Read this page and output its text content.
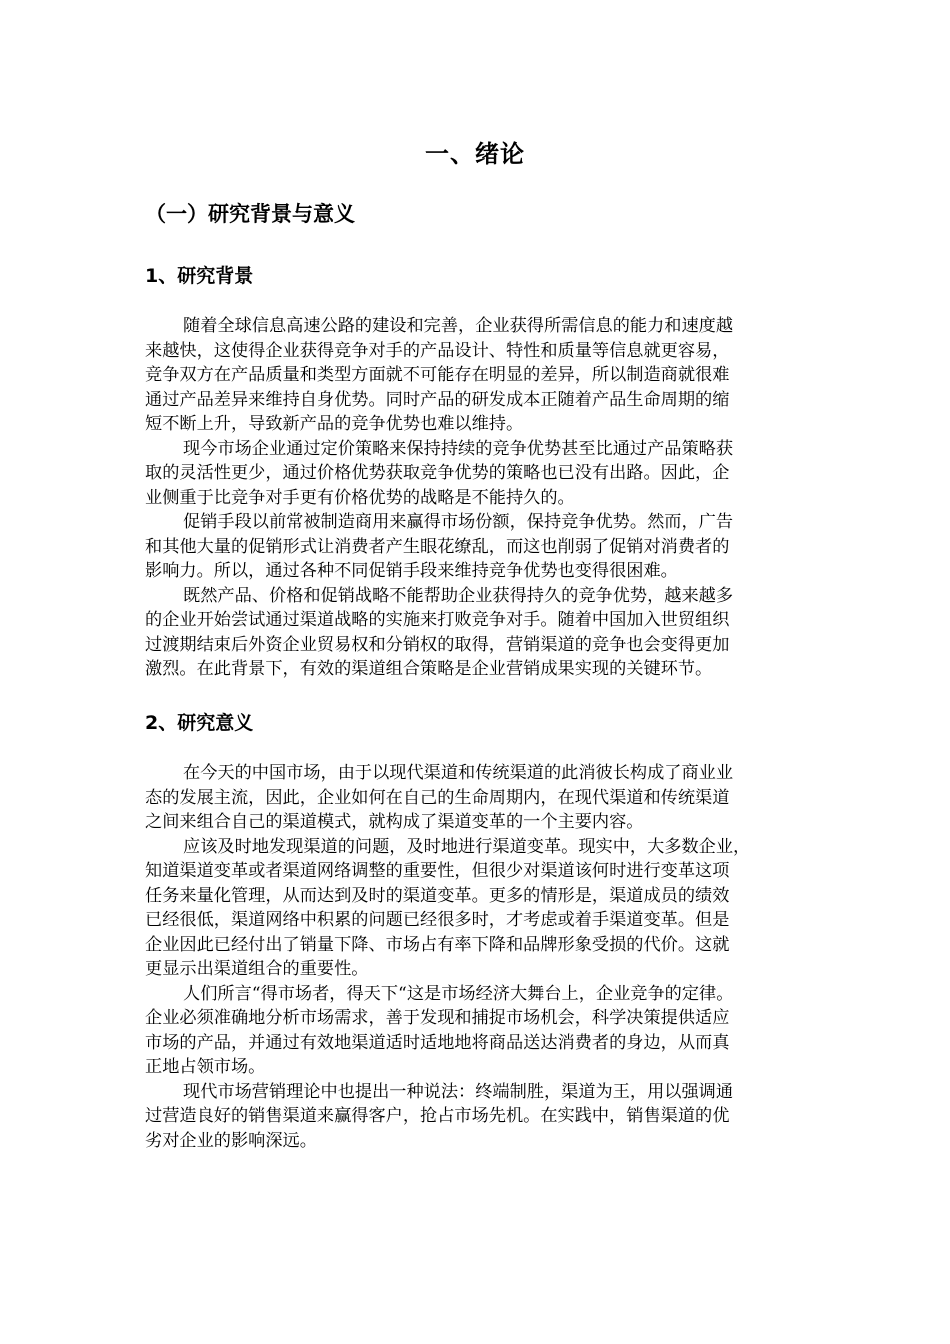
一、绪论
（一）研究背景与意义
1、研究背景
随着全球信息高速公路的建设和完善，企业获得所需信息的能力和速度越
来越快，这使得企业获得竞争对手的产品设计、特性和质量等信息就更容易，
竞争双方在产品质量和类型方面就不可能存在明显的差异，所以制造商就很难
通过产品差异来维持自身优势。同时产品的研发成本正随着产品生命周期的缩
短不断上升，导致新产品的竞争优势也难以维持。
现今市场企业通过定价策略来保持持续的竞争优势甚至比通过产品策略获
取的灵活性更少，通过价格优势获取竞争优势的策略也已没有出路。因此，企
业侧重于比竞争对手更有价格优势的战略是不能持久的。
促销手段以前常被制造商用来赢得市场份额，保持竞争优势。然而，广告
和其他大量的促销形式让消费者产生眼花缭乱，而这也削弱了促销对消费者的
影响力。所以，通过各种不同促销手段来维持竞争优势也变得很困难。
既然产品、价格和促销战略不能帮助企业获得持久的竞争优势，越来越多
的企业开始尝试通过渠道战略的实施来打败竞争对手。随着中国加入世贸组织
过渡期结束后外资企业贸易权和分销权的取得，营销渠道的竞争也会变得更加
激烈。在此背景下，有效的渠道组合策略是企业营销成果实现的关键环节。
2、研究意义
在今天的中国市场，由于以现代渠道和传统渠道的此消彼长构成了商业业
态的发展主流，因此，企业如何在自己的生命周期内，在现代渠道和传统渠道
之间来组合自己的渠道模式，就构成了渠道变革的一个主要内容。
应该及时地发现渠道的问题，及时地进行渠道变革。现实中，大多数企业，
知道渠道变革或者渠道网络调整的重要性，但很少对渠道该何时进行变革这项
任务来量化管理，从而达到及时的渠道变革。更多的情形是，渠道成员的绩效
已经很低，渠道网络中积累的问题已经很多时，才考虑或着手渠道变革。但是
企业因此已经付出了销量下降、市场占有率下降和品牌形象受损的代价。这就
更显示出渠道组合的重要性。
人们所言“得市场者，得天下“这是市场经济大舞台上，企业竞争的定律。
企业必须准确地分析市场需求，善于发现和捕捉市场机会，科学决策提供适应
市场的产品，并通过有效地渠道适时适地地将商品送达消费者的身边，从而真
正地占领市场。
现代市场营销理论中也提出一种说法：终端制胜，渠道为王，用以强调通
过营造良好的销售渠道来赢得客户，抢占市场先机。在实践中，销售渠道的优
劣对企业的影响深远。
